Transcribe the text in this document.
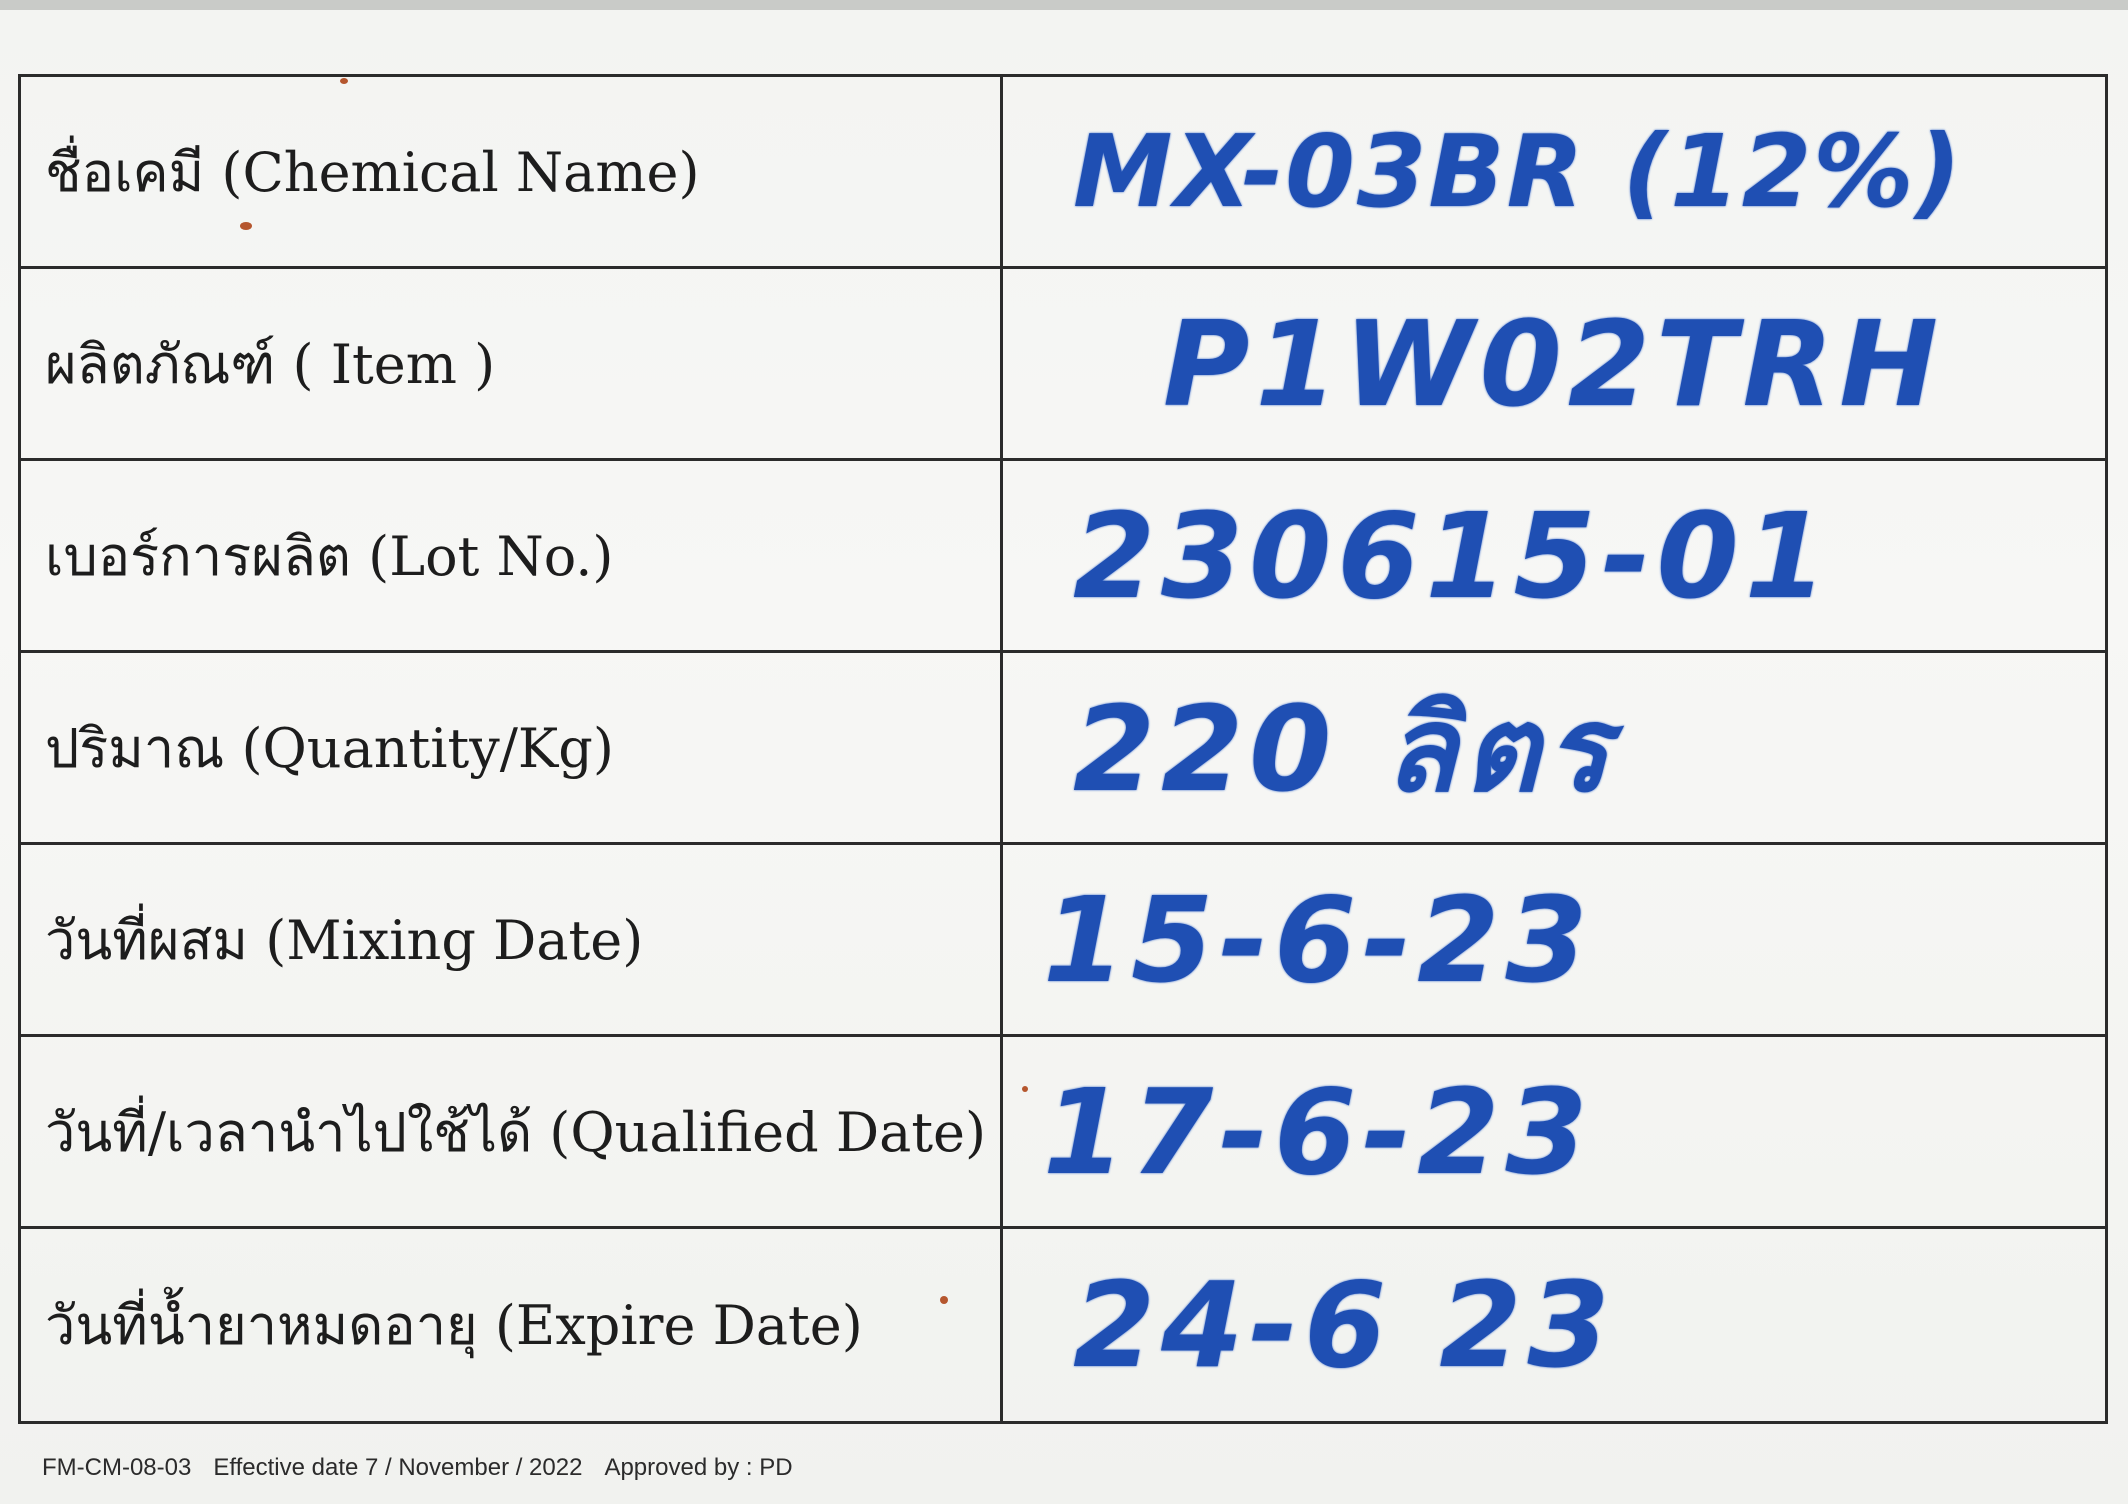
ชื่อเคมี (Chemical Name)	MX-03BR (12%)
ผลิตภัณฑ์ ( Item )	P1W02TRH
เบอร์การผลิต (Lot No.)	230615-01
ปริมาณ (Quantity/Kg)	220 ลิตร
วันที่ผสม (Mixing Date)	15-6-23
วันที่/เวลานำไปใช้ได้ (Qualified Date) 17-6-23
วันที่น้ำยาหมดอายุ (Expire Date)	24-6 23
FM-CM-08-03 Effective date 7 / November / 2022 Approved by : PD
